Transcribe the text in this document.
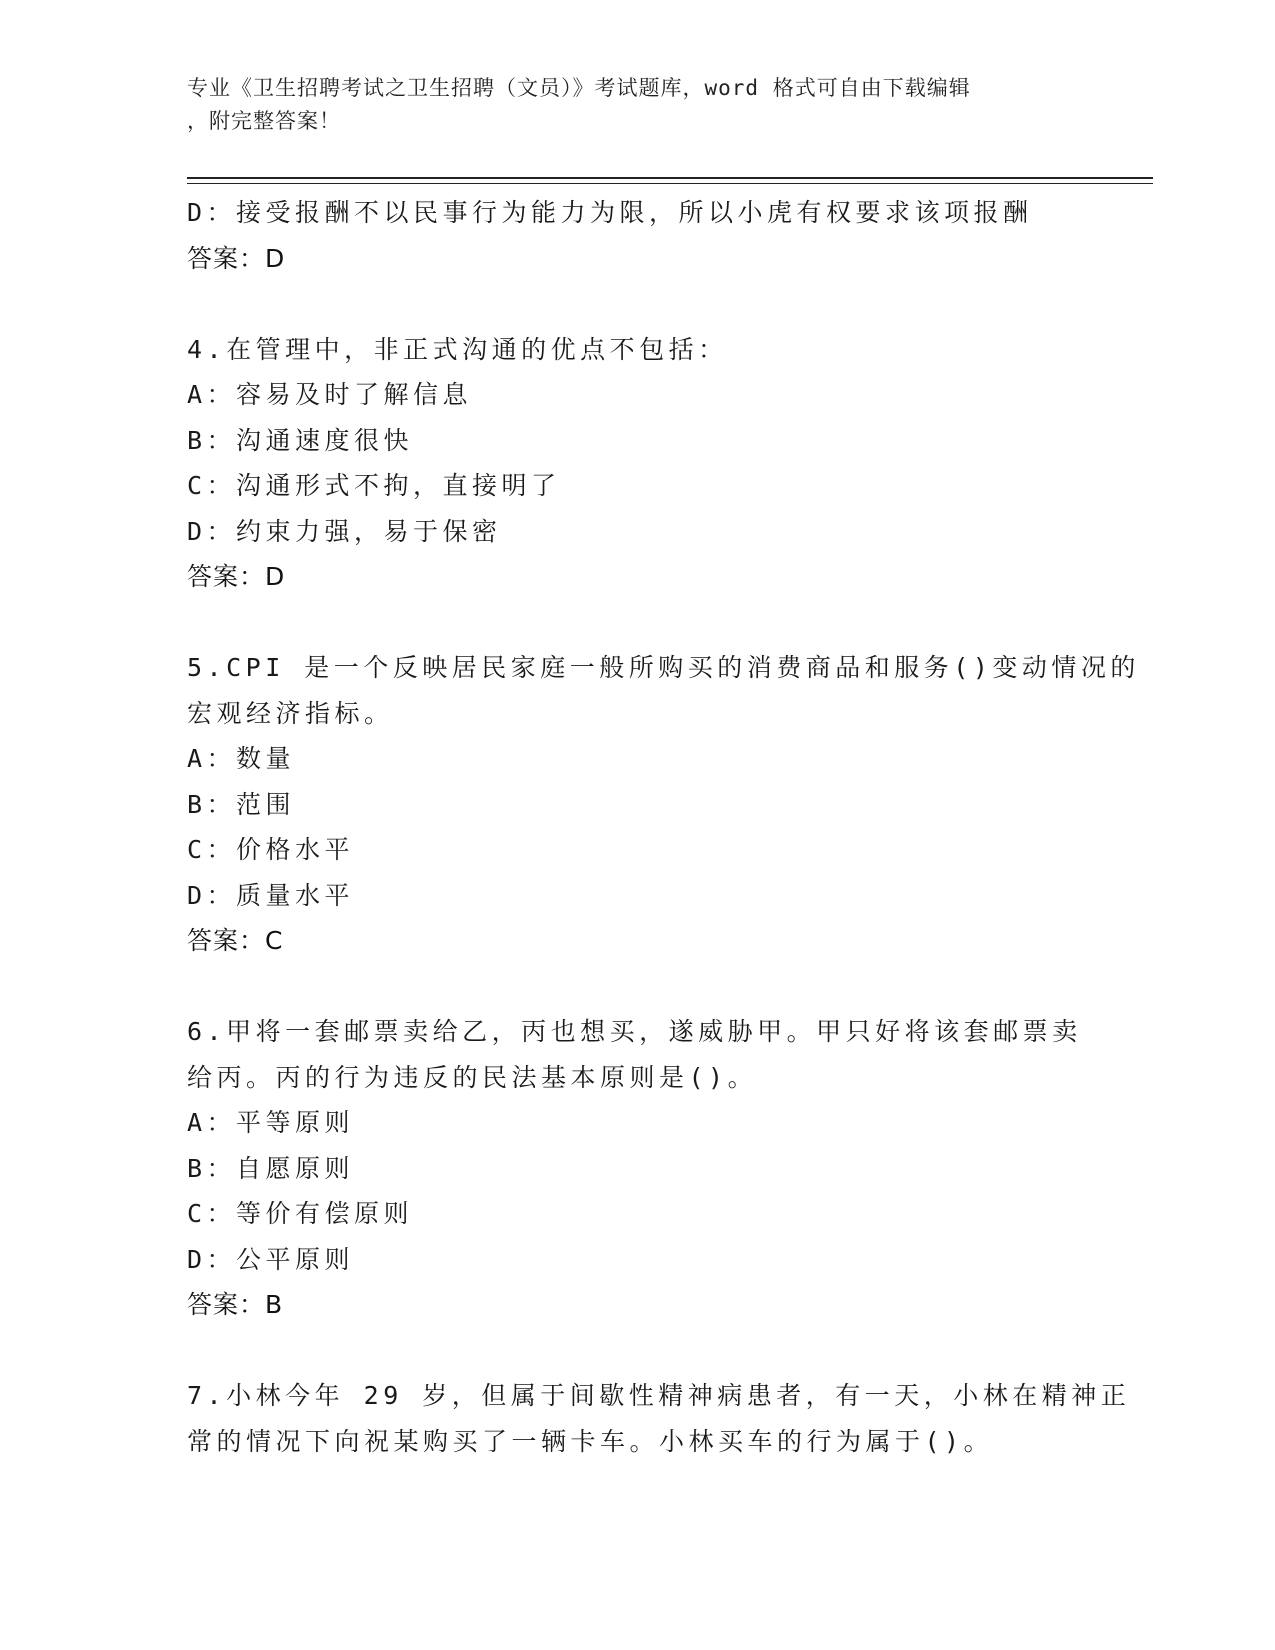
专业《卫生招聘考试之卫生招聘（文员）》考试题库，word 格式可自由下载编辑
，附完整答案！
D：接受报酬不以民事行为能力为限，所以小虎有权要求该项报酬
答案：D
4.在管理中，非正式沟通的优点不包括：
A：容易及时了解信息
B：沟通速度很快
C：沟通形式不拘，直接明了
D：约束力强，易于保密
答案：D
5.CPI 是一个反映居民家庭一般所购买的消费商品和服务()变动情况的
宏观经济指标。
A：数量
B：范围
C：价格水平
D：质量水平
答案：C
6.甲将一套邮票卖给乙，丙也想买，遂威胁甲。甲只好将该套邮票卖
给丙。丙的行为违反的民法基本原则是()。
A：平等原则
B：自愿原则
C：等价有偿原则
D：公平原则
答案：B
7.小林今年 29 岁，但属于间歇性精神病患者，有一天，小林在精神正
常的情况下向祝某购买了一辆卡车。小林买车的行为属于()。
